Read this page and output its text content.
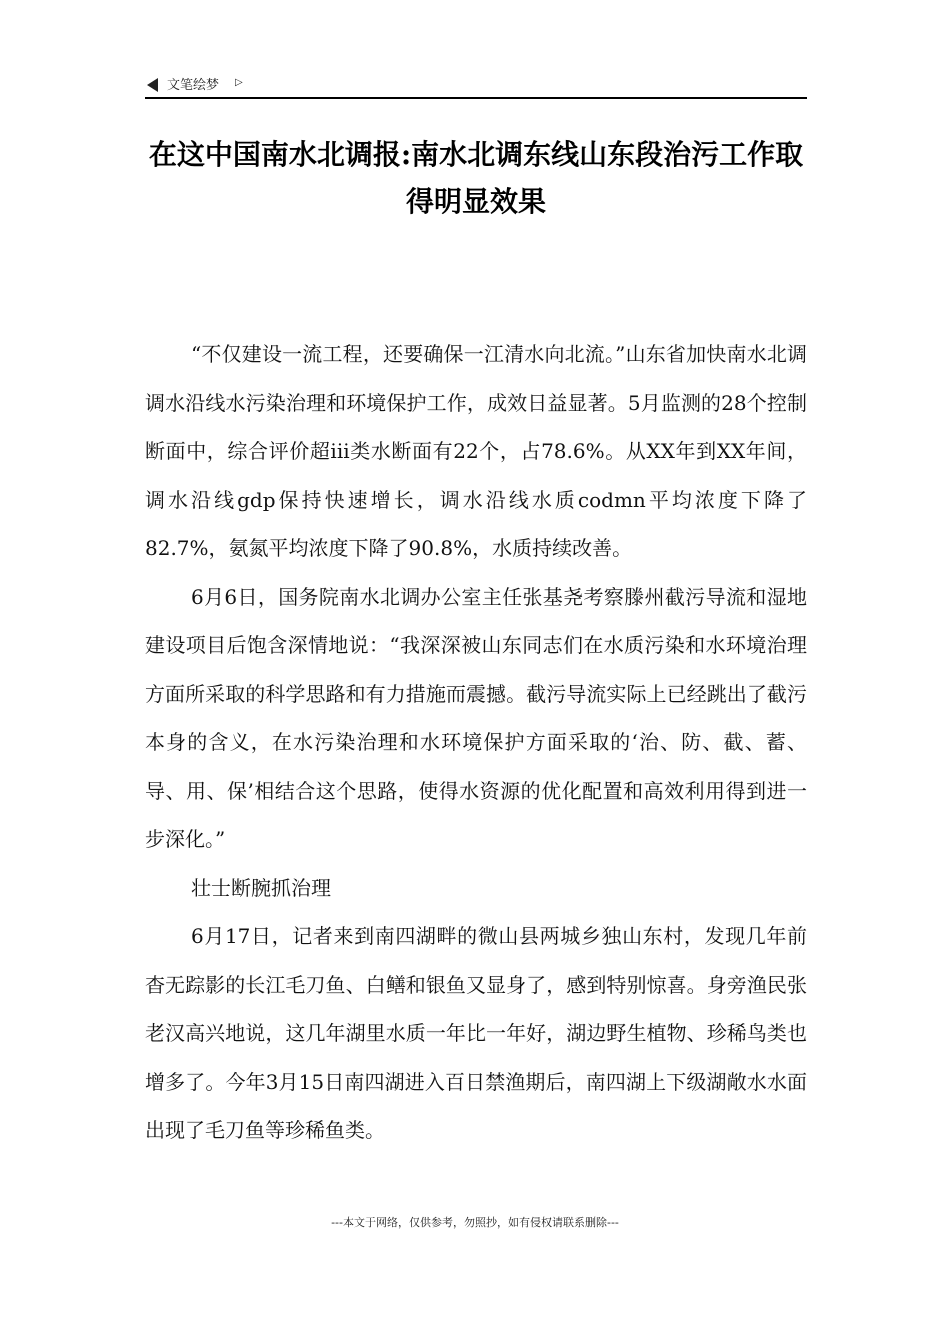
文笔绘梦 ▷
在这中国南水北调报:南水北调东线山东段治污工作取得明显效果

“不仅建设一流工程，还要确保一江清水向北流。”山东省加快南水北调调水沿线水污染治理和环境保护工作，成效日益显著。5月监测的28个控制断面中，综合评价超iii类水断面有22个，占78.6%。从XX年到XX年间，调水沿线gdp保持快速增长，调水沿线水质codmn平均浓度下降了82.7%，氨氮平均浓度下降了90.8%，水质持续改善。

6月6日，国务院南水北调办公室主任张基尧考察滕州截污导流和湿地建设项目后饱含深情地说：“我深深被山东同志们在水质污染和水环境治理方面所采取的科学思路和有力措施而震撼。截污导流实际上已经跳出了截污本身的含义，在水污染治理和水环境保护方面采取的‘治、防、截、蓄、导、用、保’相结合这个思路，使得水资源的优化配置和高效利用得到进一步深化。”

壮士断腕抓治理

6月17日，记者来到南四湖畔的微山县两城乡独山东村，发现几年前杳无踪影的长江毛刀鱼、白鳝和银鱼又显身了，感到特别惊喜。身旁渔民张老汉高兴地说，这几年湖里水质一年比一年好，湖边野生植物、珍稀鸟类也增多了。今年3月15日南四湖进入百日禁渔期后，南四湖上下级湖敞水水面出现了毛刀鱼等珍稀鱼类。

---本文于网络，仅供参考，勿照抄，如有侵权请联系删除---
